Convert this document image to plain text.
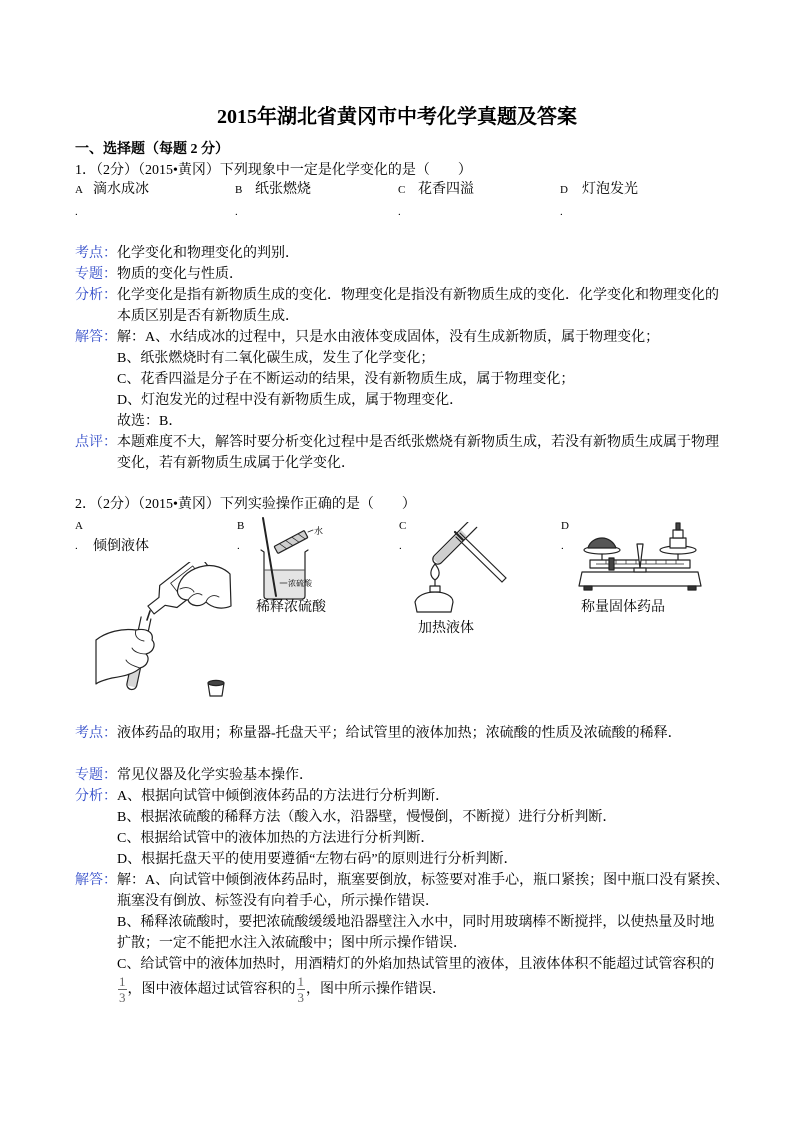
2015年湖北省黄冈市中考化学真题及答案
一、选择题（每题 2 分）
1．（2分）（2015•黄冈）下列现象中一定是化学变化的是（　　）
A
.
滴水成冰	B
.
纸张燃烧	C
.
花香四溢	D
.
灯泡发光
考点： 化学变化和物理变化的判别．
专题： 物质的变化与性质．
分析： 化学变化是指有新物质生成的变化．物理变化是指没有新物质生成的变化．化学变化和物理变化的
本质区别是否有新物质生成．
解答： 解：A、水结成冰的过程中，只是水由液体变成固体，没有生成新物质，属于物理变化；
B、纸张燃烧时有二氧化碳生成，发生了化学变化；
C、花香四溢是分子在不断运动的结果，没有新物质生成，属于物理变化；
D、灯泡发光的过程中没有新物质生成，属于物理变化．
故选：B．
点评： 本题难度不大，解答时要分析变化过程中是否纸张燃烧有新物质生成，若没有新物质生成属于物理
变化，若有新物质生成属于化学变化．
2．（2分）（2015•黄冈）下列实验操作正确的是（　　）
A
. 倾倒液体
B
.
水
浓硫酸
稀释浓硫酸
C
.
加热液体
D
.
称量固体药品
考点： 液体药品的取用；称量器-托盘天平；给试管里的液体加热；浓硫酸的性质及浓硫酸的稀释．
专题： 常见仪器及化学实验基本操作．
分析： A、根据向试管中倾倒液体药品的方法进行分析判断．
B、根据浓硫酸的稀释方法（酸入水，沿器壁，慢慢倒，不断搅）进行分析判断．
C、根据给试管中的液体加热的方法进行分析判断．
D、根据托盘天平的使用要遵循“左物右码”的原则进行分析判断．
解答： 解：A、向试管中倾倒液体药品时，瓶塞要倒放，标签要对准手心，瓶口紧挨；图中瓶口没有紧挨、
瓶塞没有倒放、标签没有向着手心，所示操作错误．
B、稀释浓硫酸时，要把浓硫酸缓缓地沿器壁注入水中，同时用玻璃棒不断搅拌，以使热量及时地
扩散；一定不能把水注入浓硫酸中；图中所示操作错误．
C、给试管中的液体加热时，用酒精灯的外焰加热试管里的液体，且液体体积不能超过试管容积的
$\frac{1}{3}$ ，图中液体超过试管容积的 $\frac{1}{3}$ ，图中所示操作错误．
